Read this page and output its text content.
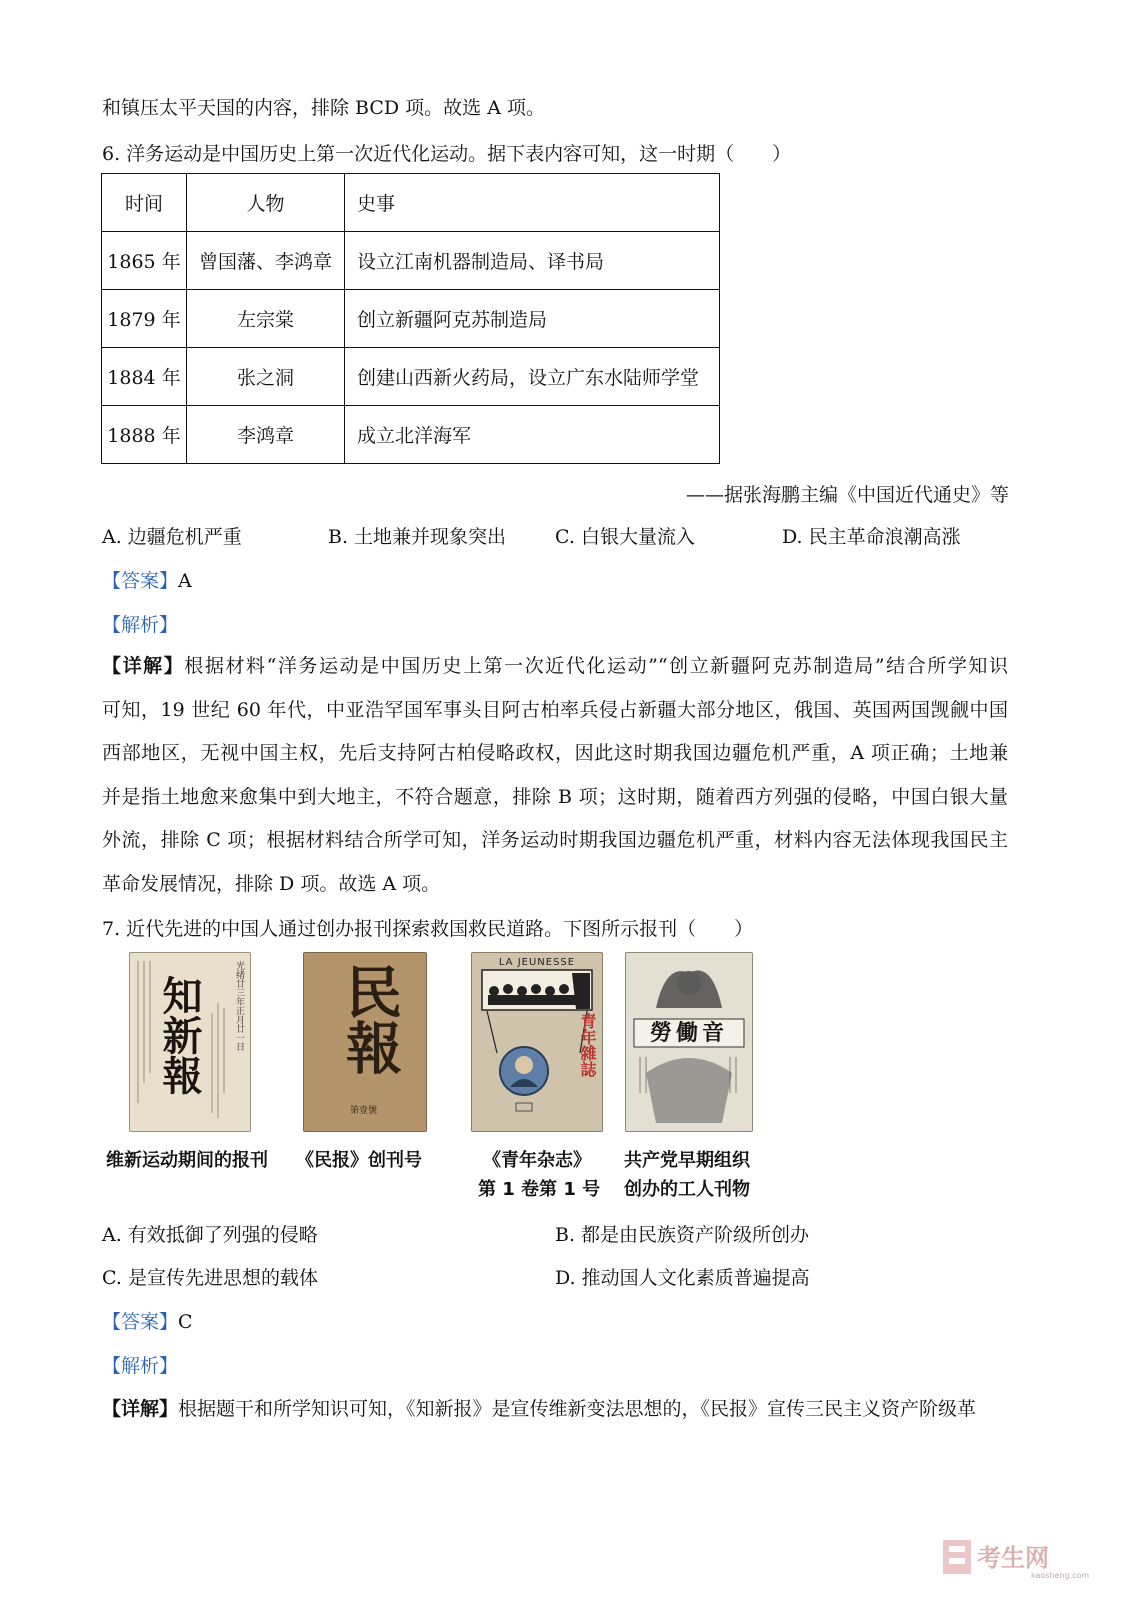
和镇压太平天国的内容，排除 BCD 项。故选 A 项。
6. 洋务运动是中国历史上第一次近代化运动。据下表内容可知，这一时期（　　）
时间	人物	史事
1865 年	曾国藩、李鸿章	设立江南机器制造局、译书局
1879 年	左宗棠	创立新疆阿克苏制造局
1884 年	张之洞	创建山西新火药局，设立广东水陆师学堂
1888 年	李鸿章	成立北洋海军
——据张海鹏主编《中国近代通史》等
A. 边疆危机严重	B. 土地兼并现象突出	C. 白银大量流入	D. 民主革命浪潮高涨
【答案】A
【解析】
【详解】根据材料“洋务运动是中国历史上第一次近代化运动”“创立新疆阿克苏制造局”结合所学知识
可知，19 世纪 60 年代，中亚浩罕国军事头目阿古柏率兵侵占新疆大部分地区，俄国、英国两国觊觎中国
西部地区，无视中国主权，先后支持阿古柏侵略政权，因此这时期我国边疆危机严重，A 项正确；土地兼
并是指土地愈来愈集中到大地主，不符合题意，排除 B 项；这时期，随着西方列强的侵略，中国白银大量
外流，排除 C 项；根据材料结合所学可知，洋务运动时期我国边疆危机严重，材料内容无法体现我国民主
革命发展情况，排除 D 项。故选 A 项。
7. 近代先进的中国人通过创办报刊探索救国救民道路。下图所示报刊（　　）
知新報	光绪廿三年正月廿一日 民報
第壹號
LA JEUNESSE
青年雜誌	勞働音
维新运动期间的报刊 《民报》创刊号	《青年杂志》
第 1 卷第 1 号
共产党早期组织
创办的工人刊物
A. 有效抵御了列强的侵略	B. 都是由民族资产阶级所创办
C. 是宣传先进思想的载体	D. 推动国人文化素质普遍提高
【答案】C
【解析】
【详解】根据题干和所学知识可知，《知新报》是宣传维新变法思想的，《民报》宣传三民主义资产阶级革
考生网
kaosheng.com
